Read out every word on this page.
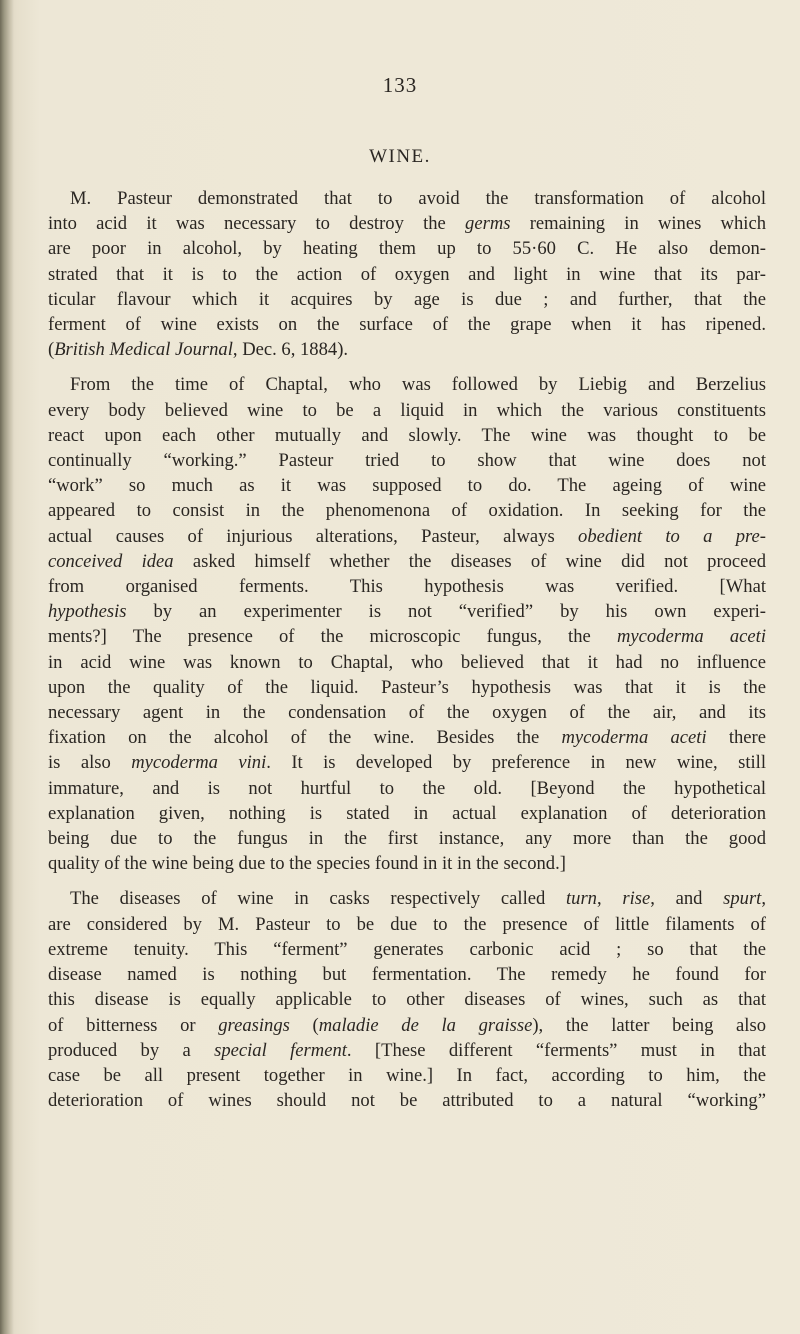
133
WINE.
M. Pasteur demonstrated that to avoid the transformation of alcohol
into acid it was necessary to destroy the germs remaining in wines which
are poor in alcohol, by heating them up to 55·60 C. He also demon-
strated that it is to the action of oxygen and light in wine that its par-
ticular flavour which it acquires by age is due ; and further, that the
ferment of wine exists on the surface of the grape when it has ripened.
(British Medical Journal, Dec. 6, 1884).
From the time of Chaptal, who was followed by Liebig and Berzelius
every body believed wine to be a liquid in which the various constituents
react upon each other mutually and slowly. The wine was thought to be
continually “working.” Pasteur tried to show that wine does not
“work” so much as it was supposed to do. The ageing of wine
appeared to consist in the phenomenona of oxidation. In seeking for the
actual causes of injurious alterations, Pasteur, always obedient to a pre-
conceived idea asked himself whether the diseases of wine did not proceed
from organised ferments. This hypothesis was verified. [What
hypothesis by an experimenter is not “verified” by his own experi-
ments?] The presence of the microscopic fungus, the mycoderma aceti
in acid wine was known to Chaptal, who believed that it had no influence
upon the quality of the liquid. Pasteur’s hypothesis was that it is the
necessary agent in the condensation of the oxygen of the air, and its
fixation on the alcohol of the wine. Besides the mycoderma aceti there
is also mycoderma vini. It is developed by preference in new wine, still
immature, and is not hurtful to the old. [Beyond the hypothetical
explanation given, nothing is stated in actual explanation of deterioration
being due to the fungus in the first instance, any more than the good
quality of the wine being due to the species found in it in the second.]
The diseases of wine in casks respectively called turn, rise, and spurt,
are considered by M. Pasteur to be due to the presence of little filaments of
extreme tenuity. This “ferment” generates carbonic acid ; so that the
disease named is nothing but fermentation. The remedy he found for
this disease is equally applicable to other diseases of wines, such as that
of bitterness or greasings (maladie de la graisse), the latter being also
produced by a special ferment. [These different “ferments” must in that
case be all present together in wine.] In fact, according to him, the
deterioration of wines should not be attributed to a natural “working”
